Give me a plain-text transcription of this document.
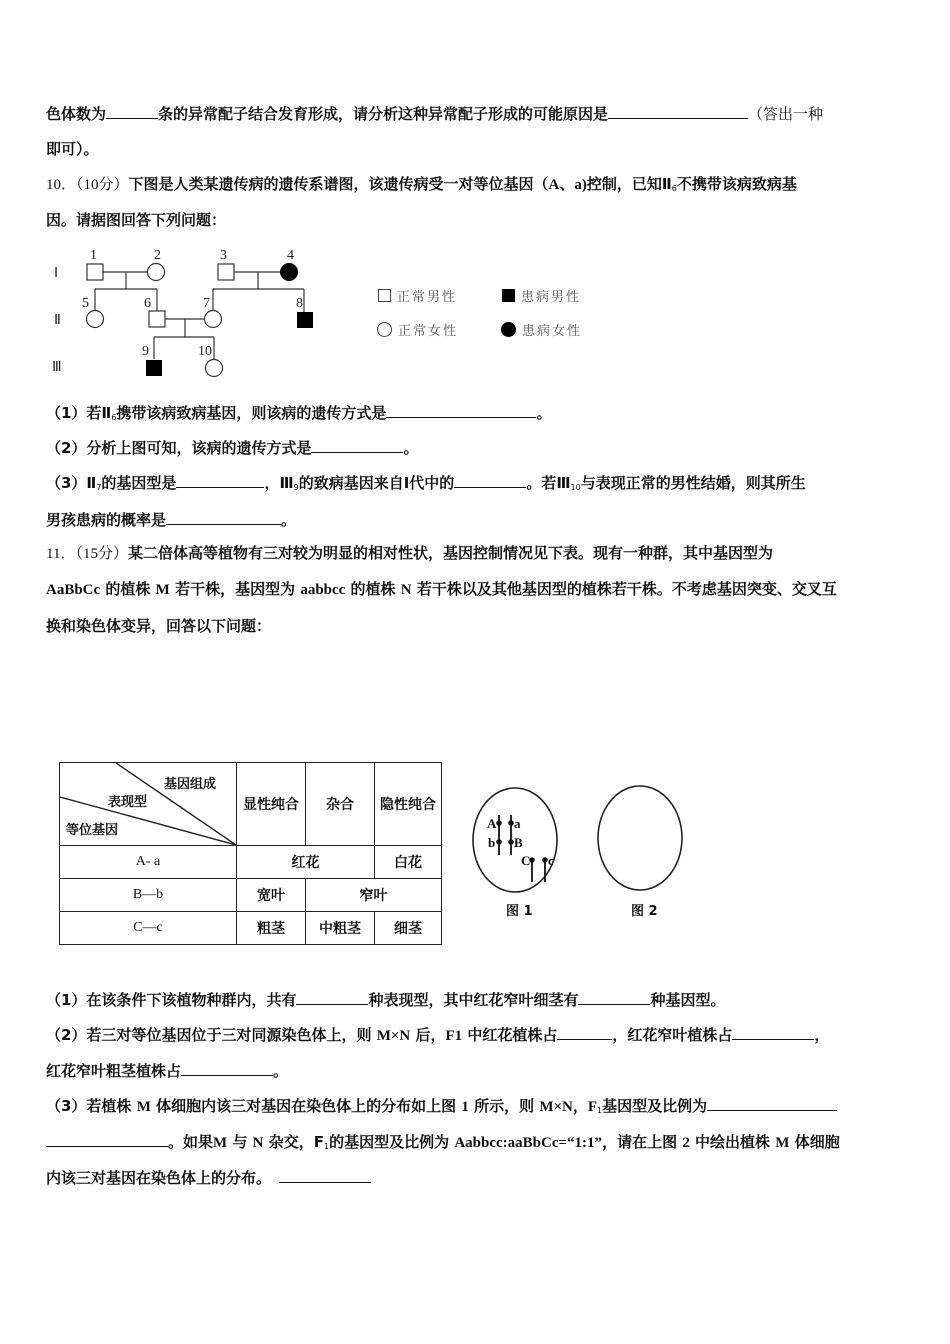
色体数为	条的异常配子结合发育形成，请分析这种异常配子形成的可能原因是	（答出一种
即可）。
10．（10分）下图是人类某遗传病的遗传系谱图，该遗传病受一对等位基因（A、a)控制，已知$Ⅱ_6$不携带该病致病基
因。请据图回答下列问题：
Ⅰ
Ⅱ
Ⅲ
1	2	3	4
5	6	7	8
9	10
正常男性	患病男性
正常女性	患病女性
（1）若$Ⅱ_6$携带该病致病基因，则该病的遗传方式是	。
（2）分析上图可知，该病的遗传方式是	。
$(3)Ⅱ_7$的基因型是	，$Ⅲ_9$的致病基因来自Ⅰ代中的	。若$Ⅲ_{10}$与表现正常的男性结婚，则其所生
男孩患病的概率是	。
11．（15分）某二倍体高等植物有三对较为明显的相对性状，基因控制情况见下表。现有一种群，其中基因型为
AaBbCc 的植株 M 若干株，基因型为 aabbcc 的植株 N 若干株以及其他基因型的植株若干株。不考虑基因突变、交叉互
换和染色体变异，回答以下问题：
基因组成
表现型
等位基因	显性纯合	杂合	隐性纯合
A- a	红花		白花
B—b	宽叶	窄叶	
C—c	粗茎	中粗茎	细茎
A
b
a
B
C c
图 1	图 2
（1）在该条件下该植物种群内，共有	种表现型，其中红花窄叶细茎有	种基因型。
（2）若三对等位基因位于三对同源染色体上，则 M×N 后，F1 中红花植株占	，红花窄叶植株占	，
红花窄叶粗茎植株占	。
（3）若植株 M 体细胞内该三对基因在染色体上的分布如上图 1 所示，则 M×N，$F_1$基因型及比例为
。如果M 与 N 杂交，$F_1$的基因型及比例为 Aabbcc:aaBbCc=“1:1”，请在上图 2 中绘出植株 M 体细胞
内该三对基因在染色体上的分布。
